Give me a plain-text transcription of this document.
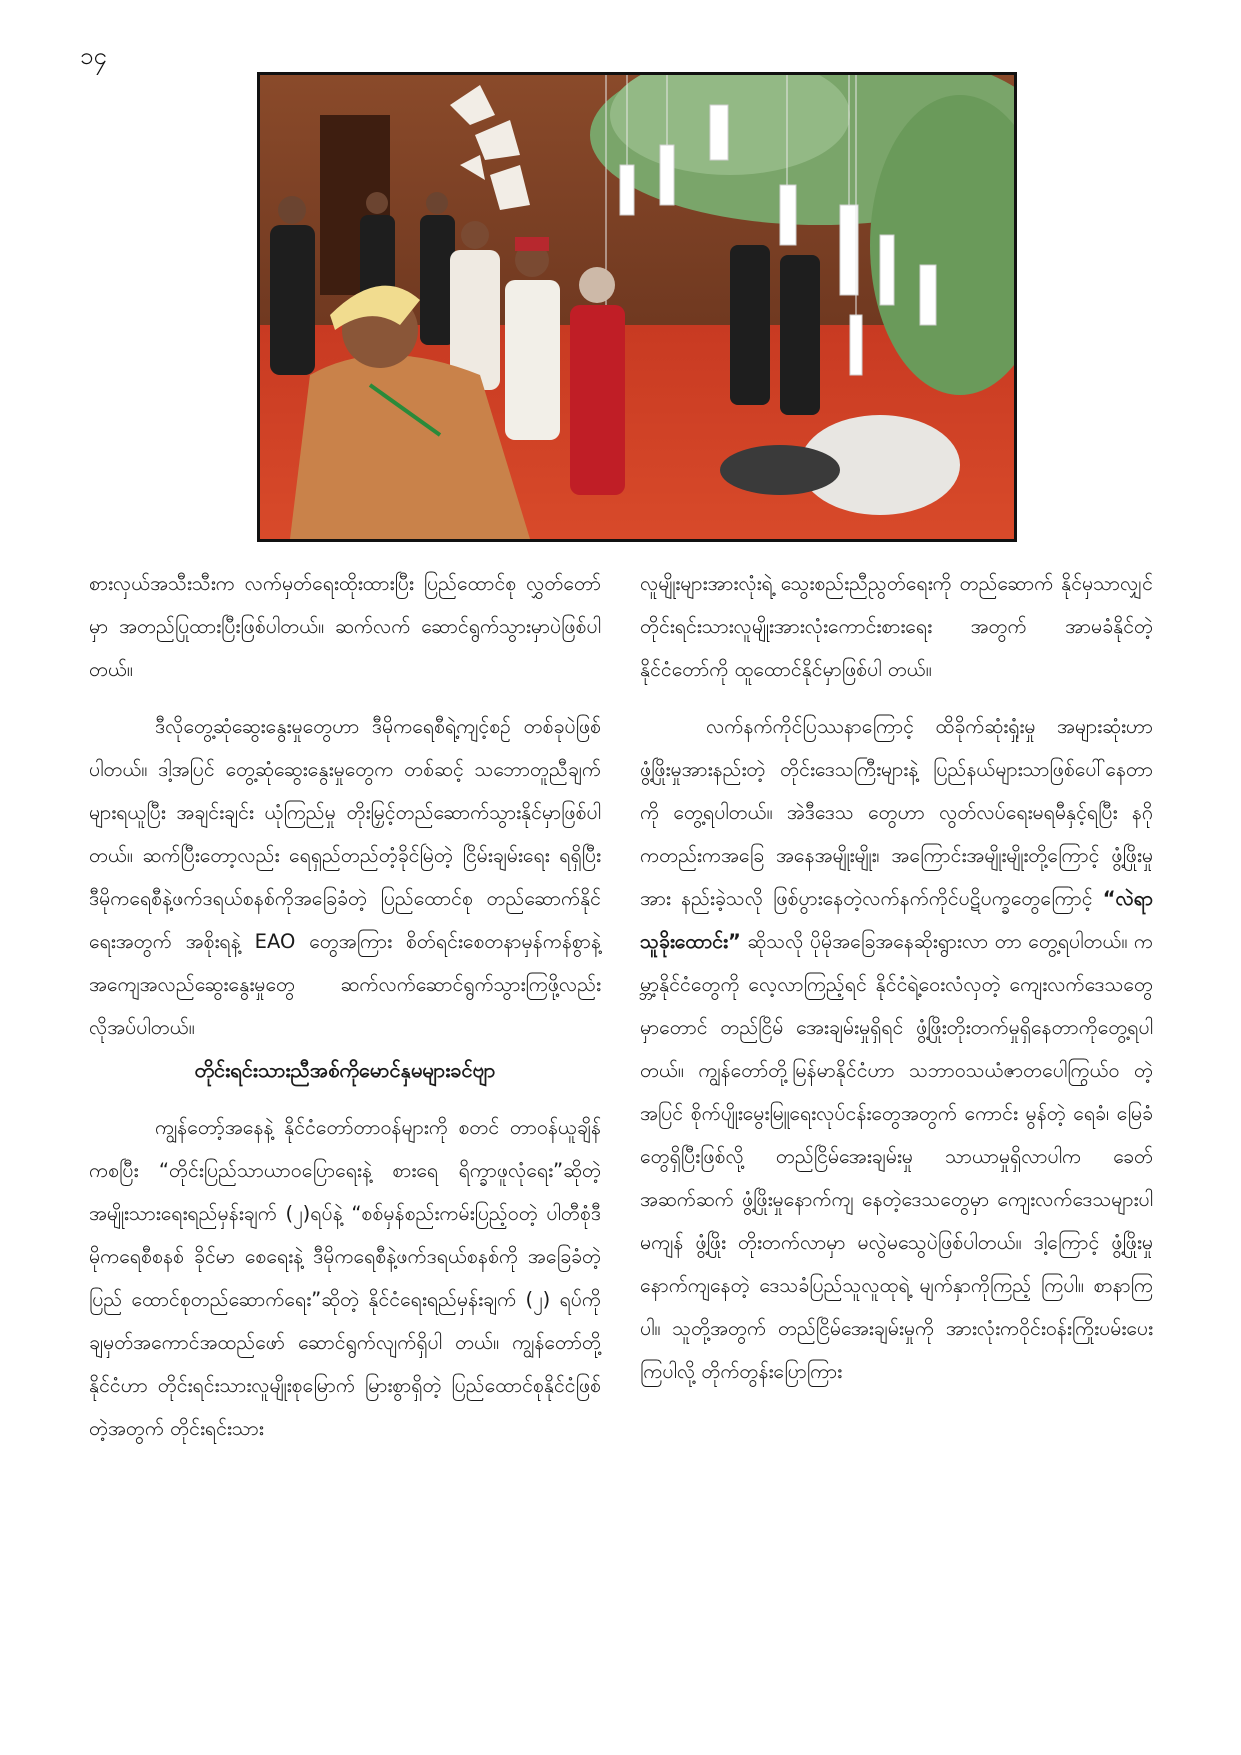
၁၄

စားလှယ်အသီးသီးက လက်မှတ်ရေးထိုးထားပြီး ပြည်ထောင်စု လွှတ်တော်မှာ အတည်ပြုထားပြီးဖြစ်ပါတယ်။ ဆက်လက် ဆောင်ရွက်သွားမှာပဲဖြစ်ပါတယ်။

ဒီလိုတွေ့ဆုံဆွေးနွေးမှုတွေဟာ ဒီမိုကရေစီရဲ့ကျင့်စဉ် တစ်ခုပဲဖြစ်ပါတယ်။ ဒါ့အပြင် တွေ့ဆုံဆွေးနွေးမှုတွေက တစ်ဆင့် သဘောတူညီချက်များရယူပြီး အချင်းချင်း ယုံကြည်မှု တိုးမြှင့်တည်ဆောက်သွားနိုင်မှာဖြစ်ပါတယ်။ ဆက်ပြီးတော့လည်း ရေရှည်တည်တံ့ခိုင်မြဲတဲ့ ငြိမ်းချမ်းရေး ရရှိပြီး ဒီမိုကရေစီနဲ့ဖက်ဒရယ်စနစ်ကိုအခြေခံတဲ့ ပြည်ထောင်စု တည်ဆောက်နိုင်ရေးအတွက် အစိုးရနဲ့ EAO တွေအကြား စိတ်ရင်းစေတနာမှန်ကန်စွာနဲ့ အကျေအလည်ဆွေးနွေးမှုတွေ ဆက်လက်ဆောင်ရွက်သွားကြဖို့လည်း လိုအပ်ပါတယ်။

တိုင်းရင်းသားညီအစ်ကိုမောင်နှမများခင်ဗျာ

ကျွန်တော့်အနေနဲ့ နိုင်ငံတော်တာဝန်များကို စတင် တာဝန်ယူချိန်ကစပြီး “တိုင်းပြည်သာယာဝပြောရေးနဲ့ စားရေ ရိက္ခာဖူလုံရေး”ဆိုတဲ့ အမျိုးသားရေးရည်မှန်းချက် (၂)ရပ်နဲ့ “စစ်မှန်စည်းကမ်းပြည့်ဝတဲ့ ပါတီစုံဒီမိုကရေစီစနစ် ခိုင်မာ စေရေးနဲ့ ဒီမိုကရေစီနဲ့ဖက်ဒရယ်စနစ်ကို အခြေခံတဲ့ ပြည် ထောင်စုတည်ဆောက်ရေး”ဆိုတဲ့ နိုင်ငံရေးရည်မှန်းချက် (၂) ရပ်ကို ချမှတ်အကောင်အထည်ဖော် ဆောင်ရွက်လျက်ရှိပါ တယ်။ ကျွန်တော်တို့နိုင်ငံဟာ တိုင်းရင်းသားလူမျိုးစုမြောက် မြားစွာရှိတဲ့ ပြည်ထောင်စုနိုင်ငံဖြစ်တဲ့အတွက် တိုင်းရင်းသား

လူမျိုးများအားလုံးရဲ့ သွေးစည်းညီညွတ်ရေးကို တည်ဆောက် နိုင်မှသာလျှင် တိုင်းရင်းသားလူမျိုးအားလုံးကောင်းစားရေး အတွက် အာမခံနိုင်တဲ့ နိုင်ငံတော်ကို ထူထောင်နိုင်မှာဖြစ်ပါ တယ်။

လက်နက်ကိုင်ပြဿနာကြောင့် ထိခိုက်ဆုံးရှုံးမှု အများဆုံးဟာ ဖွံ့ဖြိုးမှုအားနည်းတဲ့ တိုင်းဒေသကြီးများနဲ့ ပြည်နယ်များသာဖြစ်ပေါ်နေတာကို တွေ့ရပါတယ်။ အဲဒီဒေသ တွေဟာ လွတ်လပ်ရေးမရမီနှင့်ရပြီး နဂိုကတည်းကအခြေ အနေအမျိုးမျိုး၊ အကြောင်းအမျိုးမျိုးတို့ကြောင့် ဖွံ့ဖြိုးမှုအား နည်းခဲ့သလို ဖြစ်ပွားနေတဲ့လက်နက်ကိုင်ပဋိပက္ခတွေကြောင့် “လဲရာသူခိုးထောင်း” ဆိုသလို ပိုမိုအခြေအနေဆိုးရွားလာ တာ တွေ့ရပါတယ်။ ကမ္ဘာ့နိုင်ငံတွေကို လေ့လာကြည့်ရင် နိုင်ငံရဲ့ဝေးလံလှတဲ့ ကျေးလက်ဒေသတွေမှာတောင် တည်ငြိမ် အေးချမ်းမှုရှိရင် ဖွံ့ဖြိုးတိုးတက်မှုရှိနေတာကိုတွေ့ရပါတယ်။ ကျွန်တော်တို့မြန်မာနိုင်ငံဟာ သဘာဝသယံဇာတပေါကြွယ်ဝ တဲ့အပြင် စိုက်ပျိုးမွေးမြူရေးလုပ်ငန်းတွေအတွက် ကောင်း မွန်တဲ့ ရေခံ၊ မြေခံတွေရှိပြီးဖြစ်လို့ တည်ငြိမ်အေးချမ်းမှု သာယာမှုရှိလာပါက ခေတ်အဆက်ဆက် ဖွံ့ဖြိုးမှုနောက်ကျ နေတဲ့ဒေသတွေမှာ ကျေးလက်ဒေသများပါမကျန် ဖွံ့ဖြိုး တိုးတက်လာမှာ မလွဲမသွေပဲဖြစ်ပါတယ်။ ဒါ့ကြောင့် ဖွံ့ဖြိုးမှု နောက်ကျနေတဲ့ ဒေသခံပြည်သူလူထုရဲ့ မျက်နှာကိုကြည့် ကြပါ။ စာနာကြပါ။ သူတို့အတွက် တည်ငြိမ်အေးချမ်းမှုကို အားလုံးကဝိုင်းဝန်းကြိုးပမ်းပေးကြပါလို့ တိုက်တွန်းပြောကြား
